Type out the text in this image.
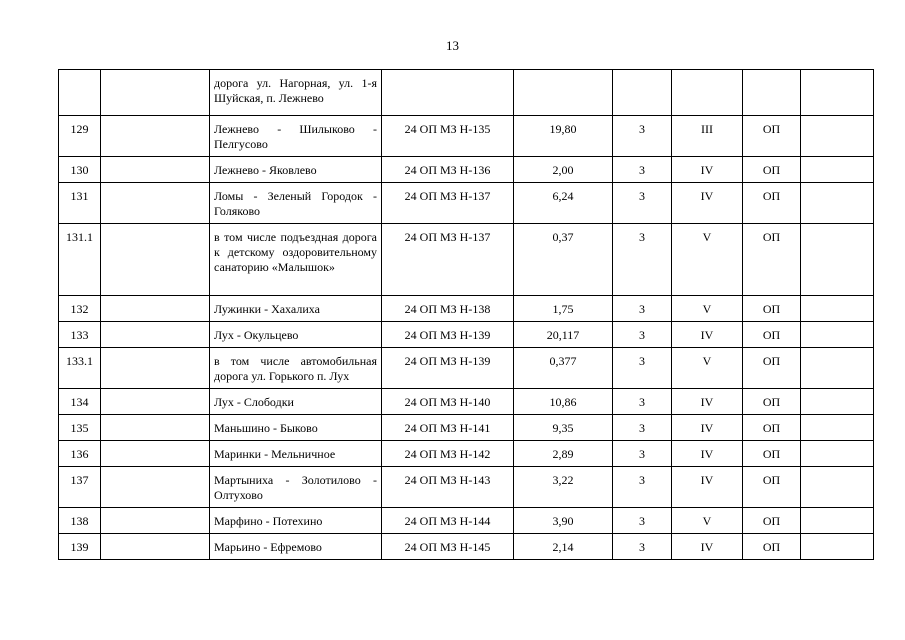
13
		дорога ул. Нагорная, ул. 1-я Шуйская, п. Лежнево						
129		Лежнево - Шилыково - Пелгусово	24 ОП МЗ Н-135	19,80	3	III	ОП	
130		Лежнево - Яковлево	24 ОП МЗ Н-136	2,00	3	IV	ОП	
131		Ломы - Зеленый Городок - Голяково	24 ОП МЗ Н-137	6,24	3	IV	ОП	
131.1		в том числе подъездная дорога к детскому оздоровительному санаторию «Малышок»	24 ОП МЗ Н-137	0,37	3	V	ОП	
132		Лужинки - Хахалиха	24 ОП МЗ Н-138	1,75	3	V	ОП	
133		Лух - Окульцево	24 ОП МЗ Н-139	20,117	3	IV	ОП	
133.1		в том числе автомобильная дорога ул. Горького п. Лух	24 ОП МЗ Н-139	0,377	3	V	ОП	
134		Лух - Слободки	24 ОП МЗ Н-140	10,86	3	IV	ОП	
135		Маньшино - Быково	24 ОП МЗ Н-141	9,35	3	IV	ОП	
136		Маринки - Мельничное	24 ОП МЗ Н-142	2,89	3	IV	ОП	
137		Мартыниха - Золотилово - Олтухово	24 ОП МЗ Н-143	3,22	3	IV	ОП	
138		Марфино - Потехино	24 ОП МЗ Н-144	3,90	3	V	ОП	
139		Марьино - Ефремово	24 ОП МЗ Н-145	2,14	3	IV	ОП	
